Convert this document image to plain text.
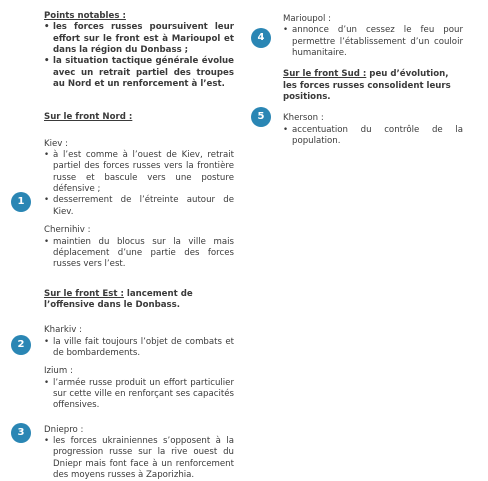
Points notables :

• les forces russes poursuivent leur effort sur le front est à Marioupol et dans la région du Donbass ;
• la situation tactique générale évolue avec un retrait partiel des troupes au Nord et un renforcement à l’est.

Sur le front Nord :

Kiev :

• à l’est comme à l’ouest de Kiev, retrait partiel des forces russes vers la frontière russe et bascule vers une posture défensive ;
• desserrement de l’étreinte autour de Kiev.

Chernihiv :

• maintien du blocus sur la ville mais déplacement d’une partie des forces russes vers l’est.

Sur le front Est : lancement de l’offensive dans le Donbass.

Kharkiv :

• la ville fait toujours l’objet de combats et de bombardements.

Izium :

• l’armée russe produit un effort particulier sur cette ville en renforçant ses capacités offensives.

Dniepro :

• les forces ukrainiennes s’opposent à la progression russe sur la rive ouest du Dniepr mais font face à un renforcement des moyens russes à Zaporizhia.

Marioupol :

• annonce d’un cessez le feu pour permettre l’établissement d’un couloir humanitaire.

Sur le front Sud : peu d’évolution, les forces russes consolident leurs positions.

Kherson :

• accentuation du contrôle de la population.
1
2
3
4
5
